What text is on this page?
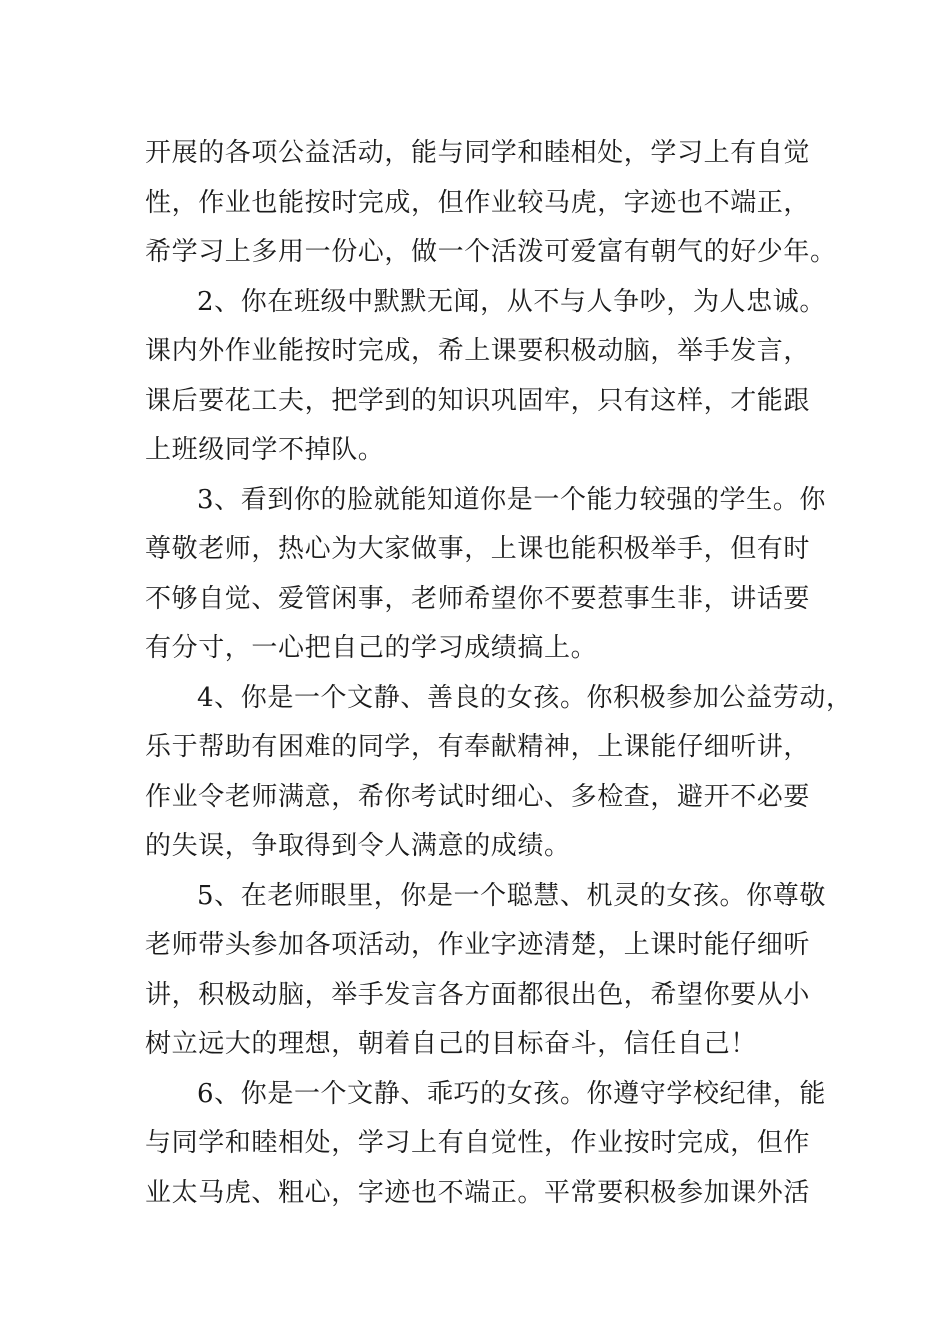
开展的各项公益活动，能与同学和睦相处，学习上有自觉
性，作业也能按时完成，但作业较马虎，字迹也不端正，
希学习上多用一份心，做一个活泼可爱富有朝气的好少年。
2、你在班级中默默无闻，从不与人争吵，为人忠诚。
课内外作业能按时完成，希上课要积极动脑，举手发言，
课后要花工夫，把学到的知识巩固牢，只有这样，才能跟
上班级同学不掉队。
3、看到你的脸就能知道你是一个能力较强的学生。你
尊敬老师，热心为大家做事，上课也能积极举手，但有时
不够自觉、爱管闲事，老师希望你不要惹事生非，讲话要
有分寸，一心把自己的学习成绩搞上。
4、你是一个文静、善良的女孩。你积极参加公益劳动，
乐于帮助有困难的同学，有奉献精神，上课能仔细听讲，
作业令老师满意，希你考试时细心、多检查，避开不必要
的失误，争取得到令人满意的成绩。
5、在老师眼里，你是一个聪慧、机灵的女孩。你尊敬
老师带头参加各项活动，作业字迹清楚，上课时能仔细听
讲，积极动脑，举手发言各方面都很出色，希望你要从小
树立远大的理想，朝着自己的目标奋斗，信任自己！
6、你是一个文静、乖巧的女孩。你遵守学校纪律，能
与同学和睦相处，学习上有自觉性，作业按时完成，但作
业太马虎、粗心，字迹也不端正。平常要积极参加课外活
